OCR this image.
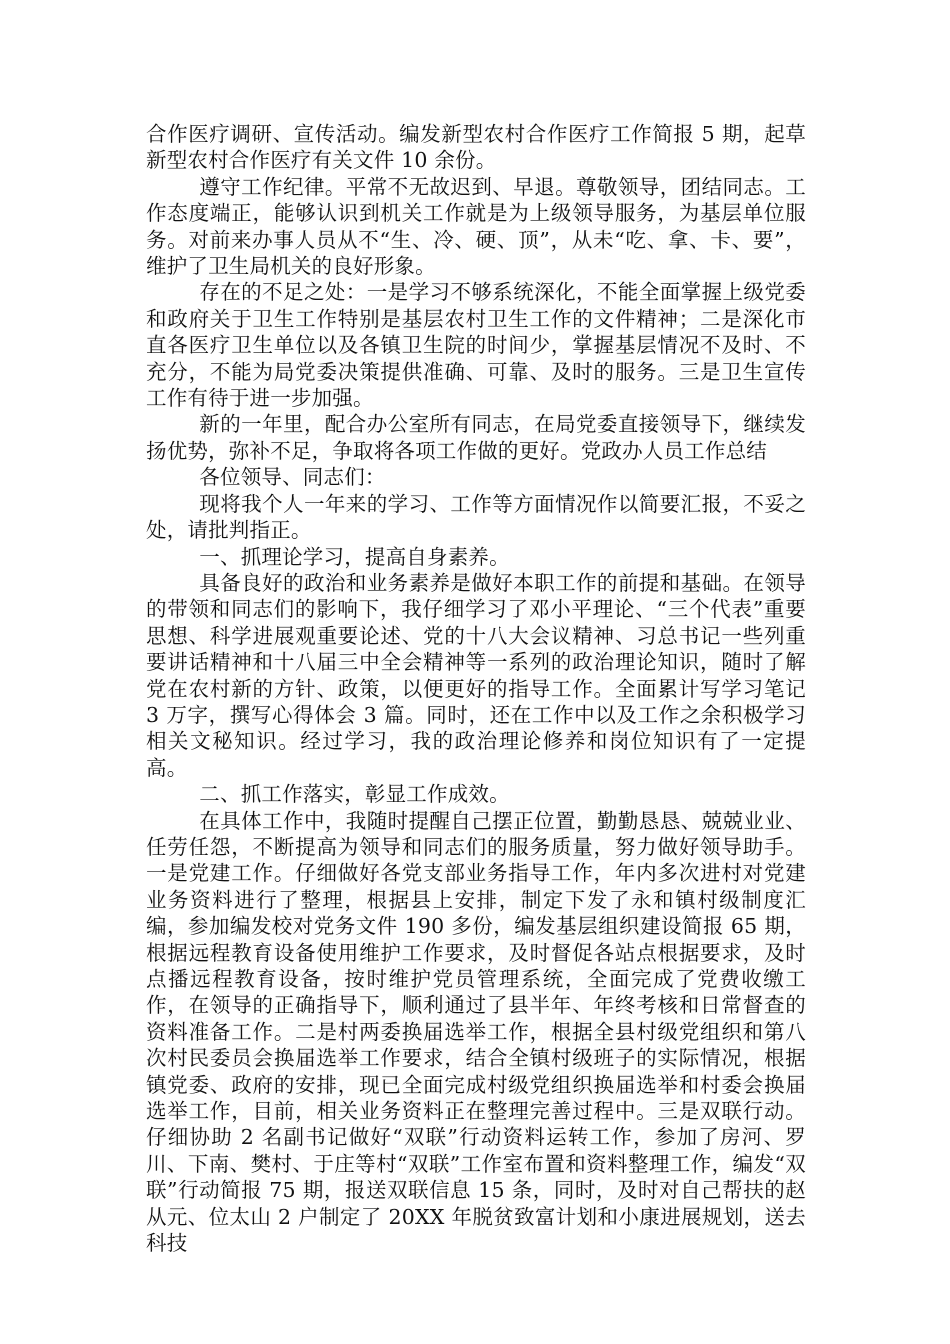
合作医疗调研、宣传活动。编发新型农村合作医疗工作简报 5 期，起草新型农村合作医疗有关文件 10 余份。

遵守工作纪律。平常不无故迟到、早退。尊敬领导，团结同志。工作态度端正，能够认识到机关工作就是为上级领导服务，为基层单位服务。对前来办事人员从不“生、冷、硬、顶”，从未“吃、拿、卡、要”，维护了卫生局机关的良好形象。

存在的不足之处：一是学习不够系统深化，不能全面掌握上级党委和政府关于卫生工作特别是基层农村卫生工作的文件精神；二是深化市直各医疗卫生单位以及各镇卫生院的时间少，掌握基层情况不及时、不充分，不能为局党委决策提供准确、可靠、及时的服务。三是卫生宣传工作有待于进一步加强。

新的一年里，配合办公室所有同志，在局党委直接领导下，继续发扬优势，弥补不足，争取将各项工作做的更好。党政办人员工作总结

各位领导、同志们：

现将我个人一年来的学习、工作等方面情况作以简要汇报，不妥之处，请批判指正。

一、抓理论学习，提高自身素养。

具备良好的政治和业务素养是做好本职工作的前提和基础。在领导的带领和同志们的影响下，我仔细学习了邓小平理论、“三个代表”重要思想、科学进展观重要论述、党的十八大会议精神、习总书记一些列重要讲话精神和十八届三中全会精神等一系列的政治理论知识，随时了解党在农村新的方针、政策，以便更好的指导工作。全面累计写学习笔记 3 万字，撰写心得体会 3 篇。同时，还在工作中以及工作之余积极学习相关文秘知识。经过学习，我的政治理论修养和岗位知识有了一定提高。

二、抓工作落实，彰显工作成效。

在具体工作中，我随时提醒自己摆正位置，勤勤恳恳、兢兢业业、任劳任怨，不断提高为领导和同志们的服务质量，努力做好领导助手。一是党建工作。仔细做好各党支部业务指导工作，年内多次进村对党建业务资料进行了整理，根据县上安排，制定下发了永和镇村级制度汇编，参加编发校对党务文件 190 多份，编发基层组织建设简报 65 期，根据远程教育设备使用维护工作要求，及时督促各站点根据要求，及时点播远程教育设备，按时维护党员管理系统，全面完成了党费收缴工作，在领导的正确指导下，顺利通过了县半年、年终考核和日常督查的资料准备工作。二是村两委换届选举工作，根据全县村级党组织和第八次村民委员会换届选举工作要求，结合全镇村级班子的实际情况，根据镇党委、政府的安排，现已全面完成村级党组织换届选举和村委会换届选举工作，目前，相关业务资料正在整理完善过程中。三是双联行动。仔细协助 2 名副书记做好“双联”行动资料运转工作，参加了房河、罗川、下南、樊村、于庄等村“双联”工作室布置和资料整理工作，编发“双联”行动简报 75 期，报送双联信息 15 条，同时，及时对自己帮扶的赵从元、位太山 2 户制定了 20XX 年脱贫致富计划和小康进展规划，送去科技
